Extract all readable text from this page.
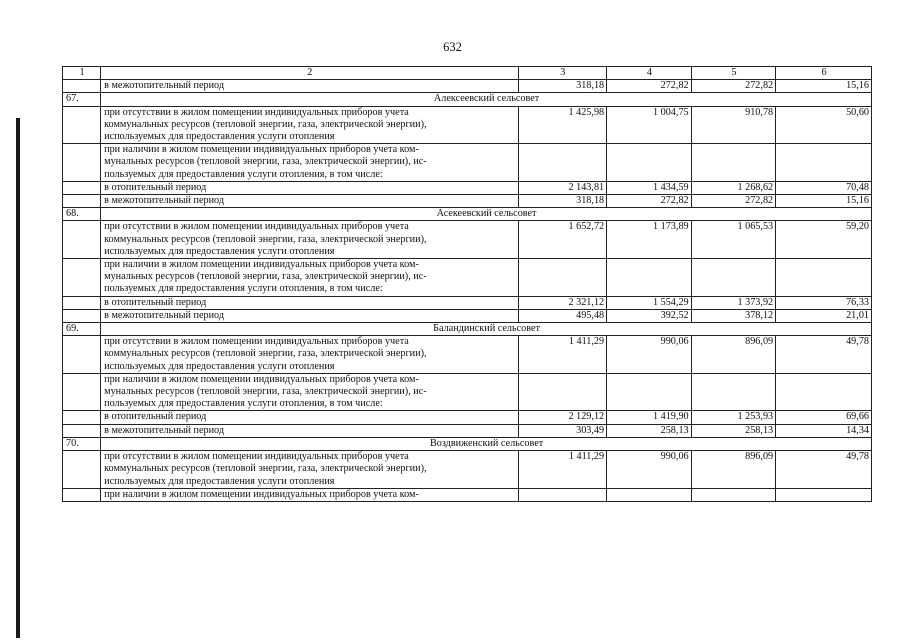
632
1	2	3	4	5	6
	в межотопительный период	318,18	272,82	272,82	15,16
67.	Алексеевский сельсовет				

	при отсутствии в жилом помещении индивидуальных приборов учета
коммунальных ресурсов (тепловой энергии, газа, электрической энергии),
используемых для предоставления услуги отопления	1 425,98	1 004,75	910,78	50,60

	при наличии в жилом помещении индивидуальных приборов учета ком-
мунальных ресурсов (тепловой энергии, газа, электрической энергии), ис-
пользуемых для предоставления услуги отопления, в том числе:				

	в отопительный период	2 143,81	1 434,59	1 268,62	70,48
	в межотопительный период	318,18	272,82	272,82	15,16
68.	Асекеевский сельсовет				

	при отсутствии в жилом помещении индивидуальных приборов учета
коммунальных ресурсов (тепловой энергии, газа, электрической энергии),
используемых для предоставления услуги отопления	1 652,72	1 173,89	1 065,53	59,20

	при наличии в жилом помещении индивидуальных приборов учета ком-
мунальных ресурсов (тепловой энергии, газа, электрической энергии), ис-
пользуемых для предоставления услуги отопления, в том числе:				

	в отопительный период	2 321,12	1 554,29	1 373,92	76,33
	в межотопительный период	495,48	392,52	378,12	21,01
69.	Баландинский сельсовет				

	при отсутствии в жилом помещении индивидуальных приборов учета
коммунальных ресурсов (тепловой энергии, газа, электрической энергии),
используемых для предоставления услуги отопления	1 411,29	990,06	896,09	49,78

	при наличии в жилом помещении индивидуальных приборов учета ком-
мунальных ресурсов (тепловой энергии, газа, электрической энергии), ис-
пользуемых для предоставления услуги отопления, в том числе:				

	в отопительный период	2 129,12	1 419,90	1 253,93	69,66
	в межотопительный период	303,49	258,13	258,13	14,34
70.	Воздвиженский сельсовет				

	при отсутствии в жилом помещении индивидуальных приборов учета
коммунальных ресурсов (тепловой энергии, газа, электрической энергии),
используемых для предоставления услуги отопления	1 411,29	990,06	896,09	49,78

	при наличии в жилом помещении индивидуальных приборов учета ком-				
